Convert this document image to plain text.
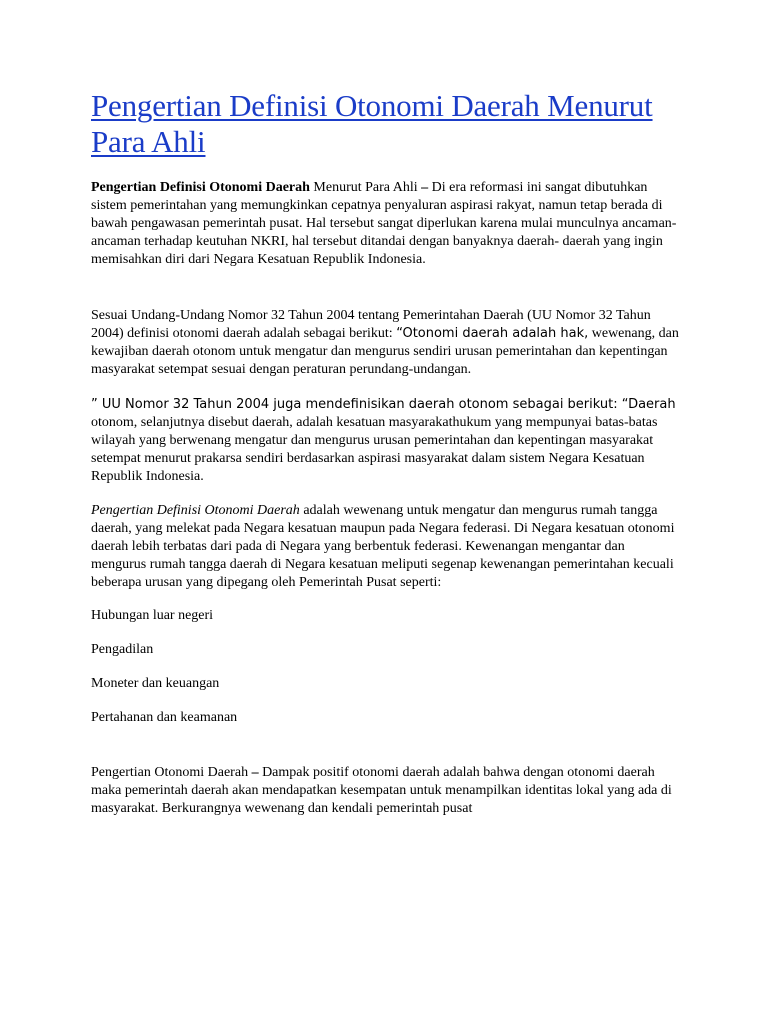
Pengertian Definisi Otonomi Daerah Menurut Para Ahli

Pengertian Definisi Otonomi Daerah Menurut Para Ahli – Di era reformasi ini sangat dibutuhkan sistem pemerintahan yang memungkinkan cepatnya penyaluran aspirasi rakyat, namun tetap berada di bawah pengawasan pemerintah pusat. Hal tersebut sangat diperlukan karena mulai munculnya ancaman- ancaman terhadap keutuhan NKRI, hal tersebut ditandai dengan banyaknya daerah- daerah yang ingin memisahkan diri dari Negara Kesatuan Republik Indonesia.

Sesuai Undang-Undang Nomor 32 Tahun 2004 tentang Pemerintahan Daerah (UU Nomor 32 Tahun 2004) definisi otonomi daerah adalah sebagai berikut: “Otonomi daerah adalah hak, wewenang, dan kewajiban daerah otonom untuk mengatur dan mengurus sendiri urusan pemerintahan dan kepentingan masyarakat setempat sesuai dengan peraturan perundang-undangan.

” UU Nomor 32 Tahun 2004 juga mendefinisikan daerah otonom sebagai berikut: “Daerah otonom, selanjutnya disebut daerah, adalah kesatuan masyarakathukum yang mempunyai batas-batas wilayah yang berwenang mengatur dan mengurus urusan pemerintahan dan kepentingan masyarakat setempat menurut prakarsa sendiri berdasarkan aspirasi masyarakat dalam sistem Negara Kesatuan Republik Indonesia.

Pengertian Definisi Otonomi Daerah adalah wewenang untuk mengatur dan mengurus rumah tangga daerah, yang melekat pada Negara kesatuan maupun pada Negara federasi. Di Negara kesatuan otonomi daerah lebih terbatas dari pada di Negara yang berbentuk federasi. Kewenangan mengantar dan mengurus rumah tangga daerah di Negara kesatuan meliputi segenap kewenangan pemerintahan kecuali beberapa urusan yang dipegang oleh Pemerintah Pusat seperti:

Hubungan luar negeri

Pengadilan

Moneter dan keuangan

Pertahanan dan keamanan

Pengertian Otonomi Daerah – Dampak positif otonomi daerah adalah bahwa dengan otonomi daerah maka pemerintah daerah akan mendapatkan kesempatan untuk menampilkan identitas lokal yang ada di masyarakat. Berkurangnya wewenang dan kendali pemerintah pusat
